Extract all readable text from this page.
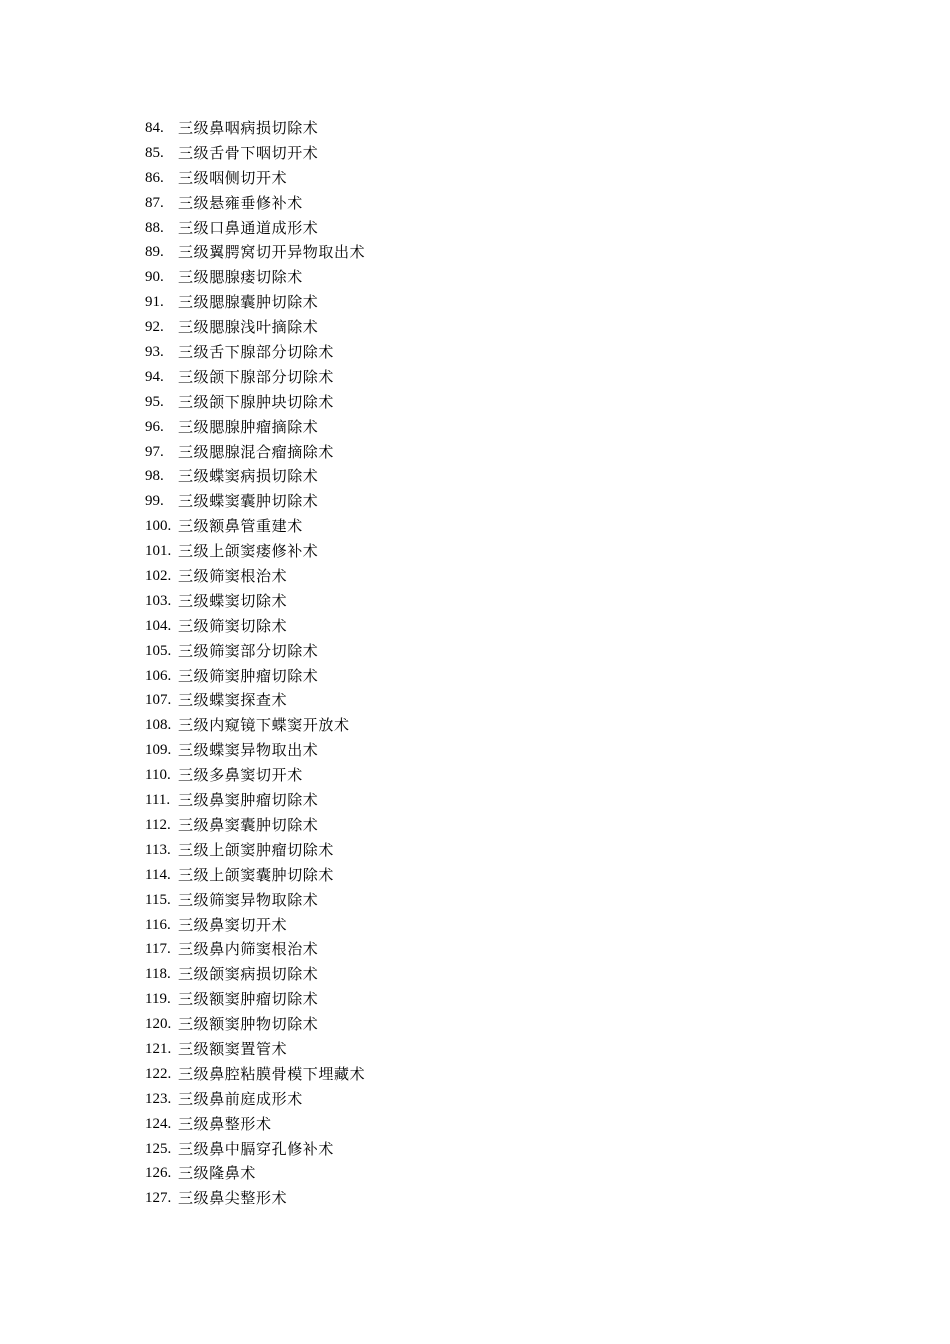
84. 三级鼻咽病损切除术
85. 三级舌骨下咽切开术
86. 三级咽侧切开术
87. 三级悬雍垂修补术
88. 三级口鼻通道成形术
89. 三级翼腭窝切开异物取出术
90. 三级腮腺瘘切除术
91. 三级腮腺囊肿切除术
92. 三级腮腺浅叶摘除术
93. 三级舌下腺部分切除术
94. 三级颌下腺部分切除术
95. 三级颌下腺肿块切除术
96. 三级腮腺肿瘤摘除术
97. 三级腮腺混合瘤摘除术
98. 三级蝶窦病损切除术
99. 三级蝶窦囊肿切除术
100. 三级额鼻管重建术
101. 三级上颌窦瘘修补术
102. 三级筛窦根治术
103. 三级蝶窦切除术
104. 三级筛窦切除术
105. 三级筛窦部分切除术
106. 三级筛窦肿瘤切除术
107. 三级蝶窦探查术
108. 三级内窥镜下蝶窦开放术
109. 三级蝶窦异物取出术
110. 三级多鼻窦切开术
111. 三级鼻窦肿瘤切除术
112. 三级鼻窦囊肿切除术
113. 三级上颌窦肿瘤切除术
114. 三级上颌窦囊肿切除术
115. 三级筛窦异物取除术
116. 三级鼻窦切开术
117. 三级鼻内筛窦根治术
118. 三级颌窦病损切除术
119. 三级额窦肿瘤切除术
120. 三级额窦肿物切除术
121. 三级额窦置管术
122. 三级鼻腔粘膜骨模下埋藏术
123. 三级鼻前庭成形术
124. 三级鼻整形术
125. 三级鼻中膈穿孔修补术
126. 三级隆鼻术
127. 三级鼻尖整形术
